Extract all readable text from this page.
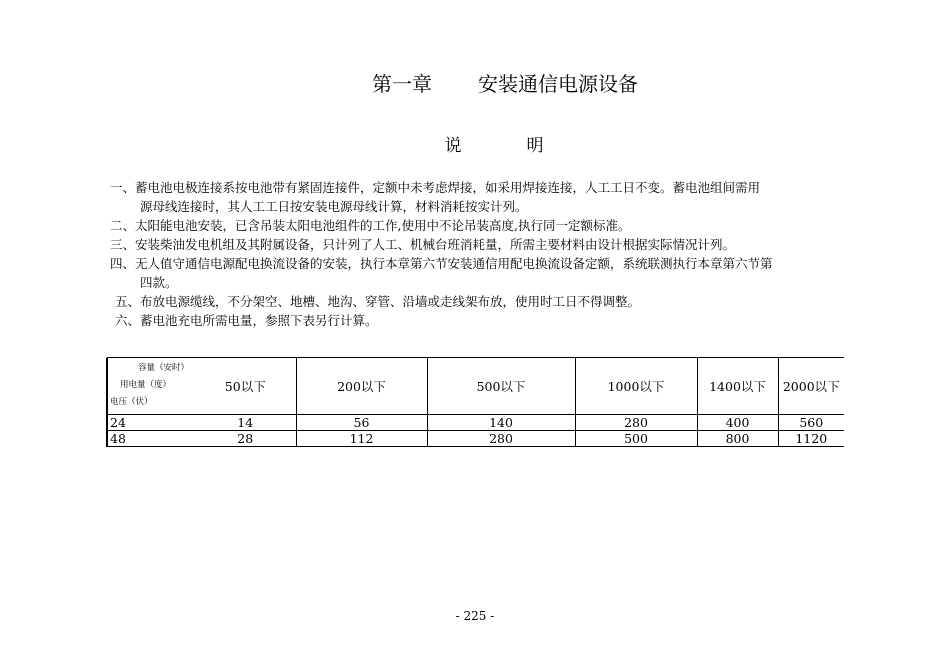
第一章 安装通信电源设备
说　明

一、蓄电池电极连接系按电池带有紧固连接件，定额中未考虑焊接，如采用焊接连接，人工工日不变。蓄电池组间需用

源母线连接时，其人工工日按安装电源母线计算，材料消耗按实计列。

二、太阳能电池安装，已含吊装太阳电池组件的工作,使用中不论吊装高度,执行同一定额标准。

三、安装柴油发电机组及其附属设备，只计列了人工、机械台班消耗量，所需主要材料由设计根据实际情况计列。

四、无人值守通信电源配电换流设备的安装，执行本章第六节安装通信用配电换流设备定额，系统联测执行本章第六节第

四款。

五、布放电源缆线，不分架空、地槽、地沟、穿管、沿墙或走线架布放，使用时工日不得调整。

六、蓄电池充电所需电量，参照下表另行计算。

容量（安时）
用电量（度）
电压（伏）	50以下	200以下	500以下	1000以下	1400以下	2000以下
24	14	56	140	280	400	560
48	28	112	280	500	800	1120
- 225 -
